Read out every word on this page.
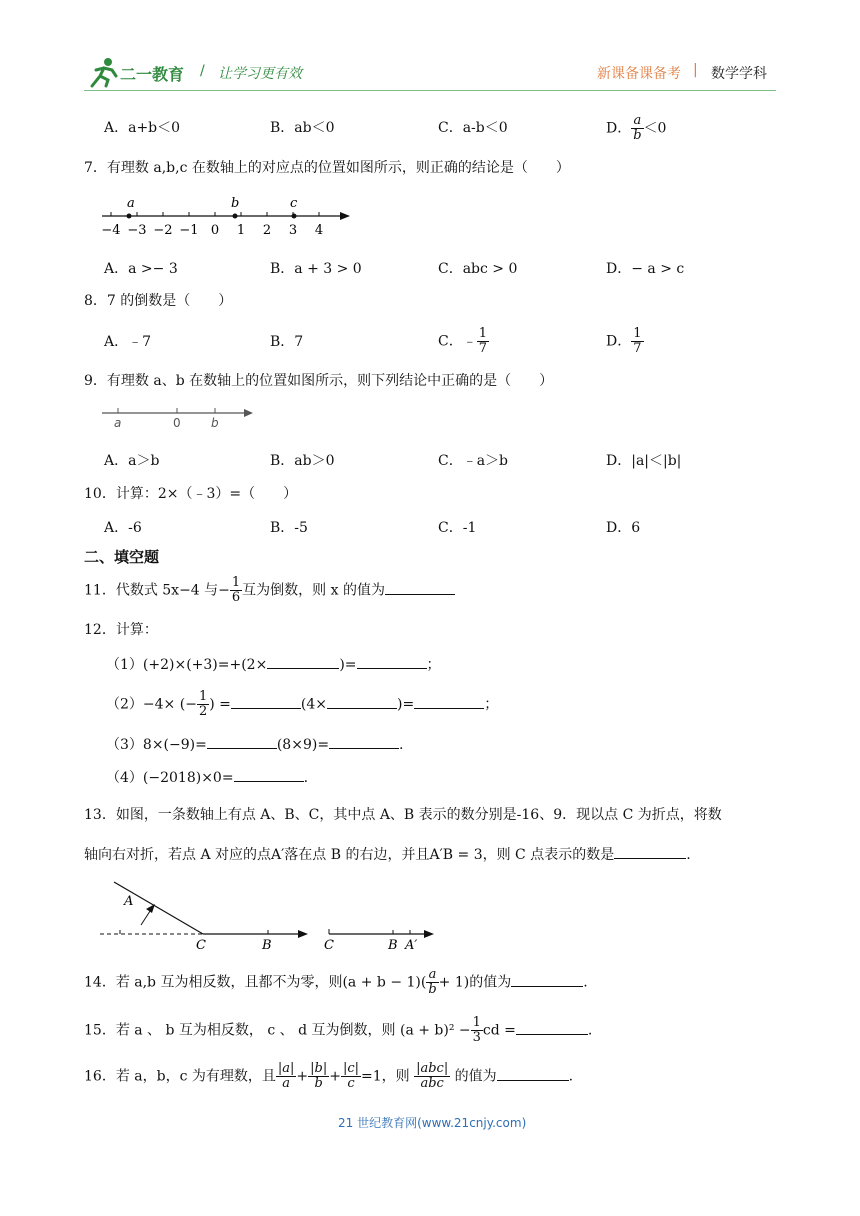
二一教育 / 让学习更有效	新课备课备考 | 数学学科
A．a+b＜0	B．ab＜0	C．a-b＜0	D． $\frac{a}{b} <0$
7．有理数 a,b,c 在数轴上的对应点的位置如图所示，则正确的结论是（　　）
a	b	c
−4 −3 −2 −1 0 1 2 3 4
A．a >− 3	B．a + 3 > 0	C．abc > 0	D．− a > c
8．7 的倒数是（　　）
A．﹣7	B．7	C．﹣ $\frac{1}{7}$	D． $\frac{1}{7}$
9．有理数 a、b 在数轴上的位置如图所示，则下列结论中正确的是（　　）
a	0	b
A．a＞b	B．ab＞0	C．﹣a＞b	D．|a|＜|b|
10．计算：2×（﹣3）=（　　）
A．-6	B．-5	C．-1	D．6
二、填空题
11．代数式 5x−4 与− $\frac{1}{6}$ 互为倒数，则 x 的值为
12．计算：
（1）(+2)×(+3)=+(2×	)=	；
（2）−4× (− $\frac{1}{2}$ ) =	(4×	)=	；
（3）8×(−9)=	(8×9)=	.
（4）(−2018)×0=	.
13．如图，一条数轴上有点 A、B、C，其中点 A、B 表示的数分别是-16、9．现以点 C 为折点，将数
轴向右对折，若点 A 对应的点A′落在点 B 的右边，并且A′B = 3，则 C 点表示的数是	.
A
C	B	C	B A′
14．若 a,b 互为相反数，且都不为零，则$(a + b - 1)( \frac{a}{b} + 1)$的值为	.
15．若 a 、 b 互为相反数， c 、 d 互为倒数，则 $(a + b)^2 - \frac{1}{3}$ cd =	.
16．若 a，b，c 为有理数，且 $\frac{|a|}{a} + \frac{|b|}{b} + \frac{|c|}{c} =1$，则 $\frac{\text{|abc|}}{\text{abc}}$ 的值为	.
21 世纪教育网(www.21cnjy.com)
